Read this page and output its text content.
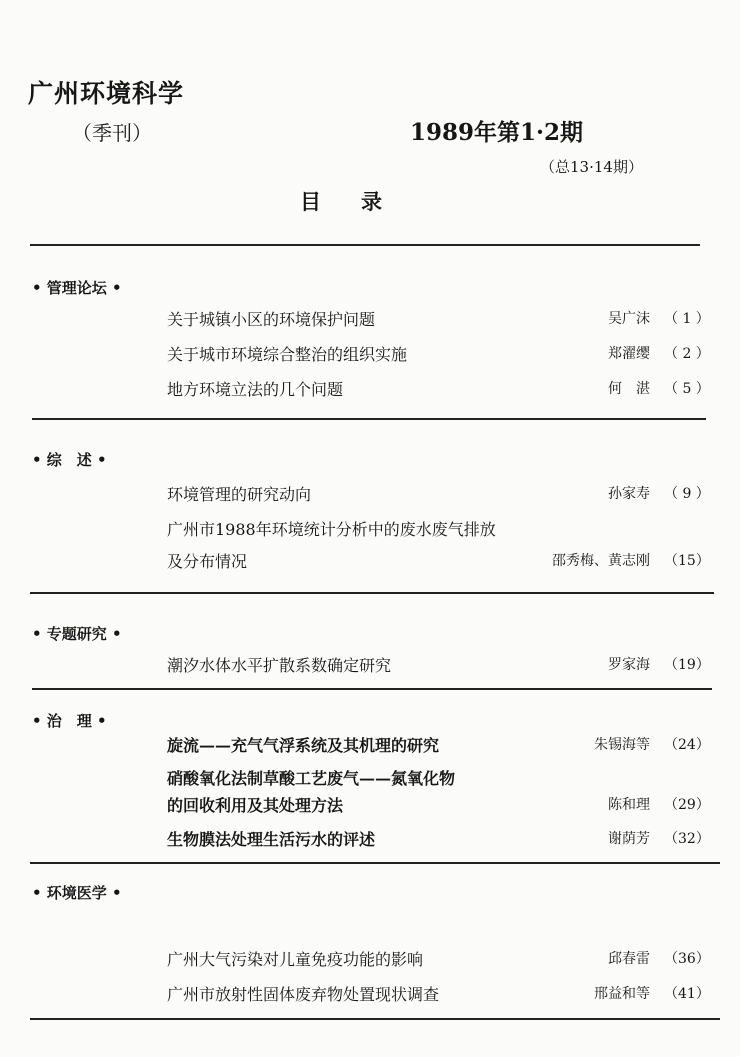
广州环境科学
（季刊）	1989年第1·2期
（总13·14期）
目录
• 管理论坛 •
关于城镇小区的环境保护问题	吴广沫 （ 1 ）
关于城市环境综合整治的组织实施	郑濯缨 （ 2 ）
地方环境立法的几个问题	何　湛 （ 5 ）
• 综　述 •
环境管理的研究动向	孙家寿 （ 9 ）
广州市1988年环境统计分析中的废水废气排放
及分布情况	邵秀梅、黄志刚 （15）
• 专题研究 •
潮汐水体水平扩散系数确定研究	罗家海 （19）
• 治　理 •
旋流——充气气浮系统及其机理的研究	朱锡海等 （24）
硝酸氧化法制草酸工艺废气——氮氧化物
的回收利用及其处理方法	陈和理 （29）
生物膜法处理生活污水的评述	谢荫芳 （32）
• 环境医学 •
广州大气污染对儿童免疫功能的影响	邱春雷 （36）
广州市放射性固体废弃物处置现状调查	邢益和等 （41）
